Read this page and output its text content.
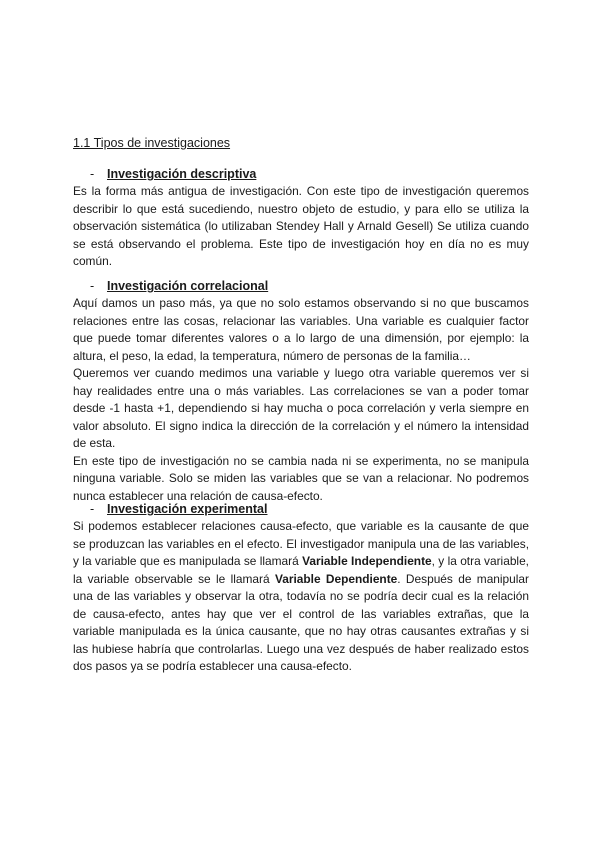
1.1 Tipos de investigaciones
-	Investigación descriptiva

Es la forma más antigua de investigación. Con este tipo de investigación queremos describir lo que está sucediendo, nuestro objeto de estudio, y para ello se utiliza la observación sistemática (lo utilizaban Stendey Hall y Arnald Gesell) Se utiliza cuando se está observando el problema. Este tipo de investigación hoy en día no es muy común.

-	Investigación correlacional

Aquí damos un paso más, ya que no solo estamos observando si no que buscamos relaciones entre las cosas, relacionar las variables. Una variable es cualquier factor que puede tomar diferentes valores o a lo largo de una dimensión, por ejemplo: la altura, el peso, la edad, la temperatura, número de personas de la familia…

Queremos ver cuando medimos una variable y luego otra variable queremos ver si hay realidades entre una o más variables. Las correlaciones se van a poder tomar desde -1 hasta +1, dependiendo si hay mucha o poca correlación y verla siempre en valor absoluto. El signo indica la dirección de la correlación y el número la intensidad de esta.

En este tipo de investigación no se cambia nada ni se experimenta, no se manipula ninguna variable. Solo se miden las variables que se van a relacionar. No podremos nunca establecer una relación de causa-efecto.

-	Investigación experimental

Si podemos establecer relaciones causa-efecto, que variable es la causante de que se produzcan las variables en el efecto. El investigador manipula una de las variables, y la variable que es manipulada se llamará Variable Independiente, y la otra variable, la variable observable se le llamará Variable Dependiente. Después de manipular una de las variables y observar la otra, todavía no se podría decir cual es la relación de causa-efecto, antes hay que ver el control de las variables extrañas, que la variable manipulada es la única causante, que no hay otras causantes extrañas y si las hubiese habría que controlarlas. Luego una vez después de haber realizado estos dos pasos ya se podría establecer una causa-efecto.
